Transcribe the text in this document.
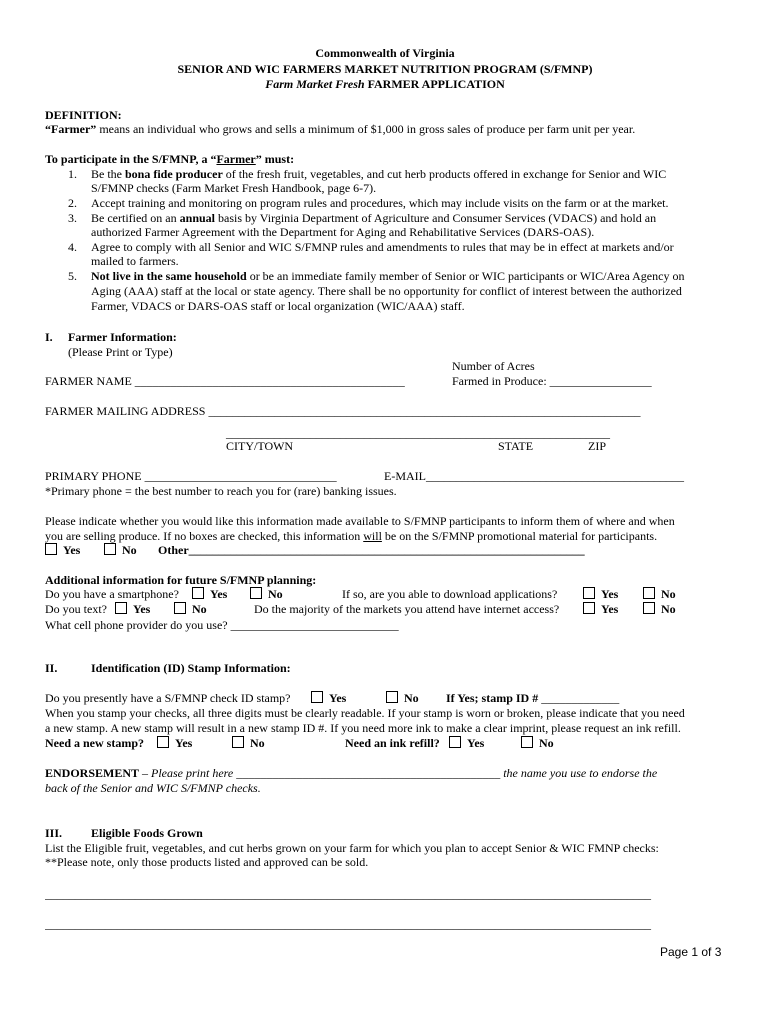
Commonwealth of Virginia
SENIOR AND WIC FARMERS MARKET NUTRITION PROGRAM (S/FMNP)
Farm Market Fresh FARMER APPLICATION
DEFINITION:
“Farmer” means an individual who grows and sells a minimum of $1,000 in gross sales of produce per farm unit per year.
To participate in the S/FMNP, a “Farmer” must:
1. Be the bona fide producer of the fresh fruit, vegetables, and cut herb products offered in exchange for Senior and WIC
S/FMNP checks (Farm Market Fresh Handbook, page 6-7).
2. Accept training and monitoring on program rules and procedures, which may include visits on the farm or at the market.
3. Be certified on an annual basis by Virginia Department of Agriculture and Consumer Services (VDACS) and hold an
authorized Farmer Agreement with the Department for Aging and Rehabilitative Services (DARS-OAS).
4. Agree to comply with all Senior and WIC S/FMNP rules and amendments to rules that may be in effect at markets and/or
mailed to farmers.
5. Not live in the same household or be an immediate family member of Senior or WIC participants or WIC/Area Agency on
Aging (AAA) staff at the local or state agency. There shall be no opportunity for conflict of interest between the authorized
Farmer, VDACS or DARS-OAS staff or local organization (WIC/AAA) staff.
I. Farmer Information:
(Please Print or Type)
Number of Acres
FARMER NAME _____________________________________________	Farmed in Produce: _________________
FARMER MAILING ADDRESS ________________________________________________________________________
________________________________________________________________
CITY/TOWN	STATE	ZIP
PRIMARY PHONE ________________________________	E-MAIL___________________________________________
*Primary phone = the best number to reach you for (rare) banking issues.
Please indicate whether you would like this information made available to S/FMNP participants to inform them of where and when
you are selling produce. If no boxes are checked, this information will be on the S/FMNP promotional material for participants.
Yes	No Other__________________________________________________________________
Additional information for future S/FMNP planning:
Do you have a smartphone?	Yes	No	If so, are you able to download applications?	Yes	No
Do you text?	Yes	No	Do the majority of the markets you attend have internet access?	Yes	No
What cell phone provider do you use? ____________________________
II.	Identification (ID) Stamp Information:
Do you presently have a S/FMNP check ID stamp?	Yes	No If Yes; stamp ID # _____________
When you stamp your checks, all three digits must be clearly readable. If your stamp is worn or broken, please indicate that you need
a new stamp. A new stamp will result in a new stamp ID #. If you need more ink to make a clear imprint, please request an ink refill.
Need a new stamp?	Yes	No	Need an ink refill?	Yes	No
ENDORSEMENT – Please print here ____________________________________________ the name you use to endorse the
back of the Senior and WIC S/FMNP checks.
III. Eligible Foods Grown
List the Eligible fruit, vegetables, and cut herbs grown on your farm for which you plan to accept Senior & WIC FMNP checks:
**Please note, only those products listed and approved can be sold.
_____________________________________________________________________________________________________
_____________________________________________________________________________________________________
Page 1 of 3
